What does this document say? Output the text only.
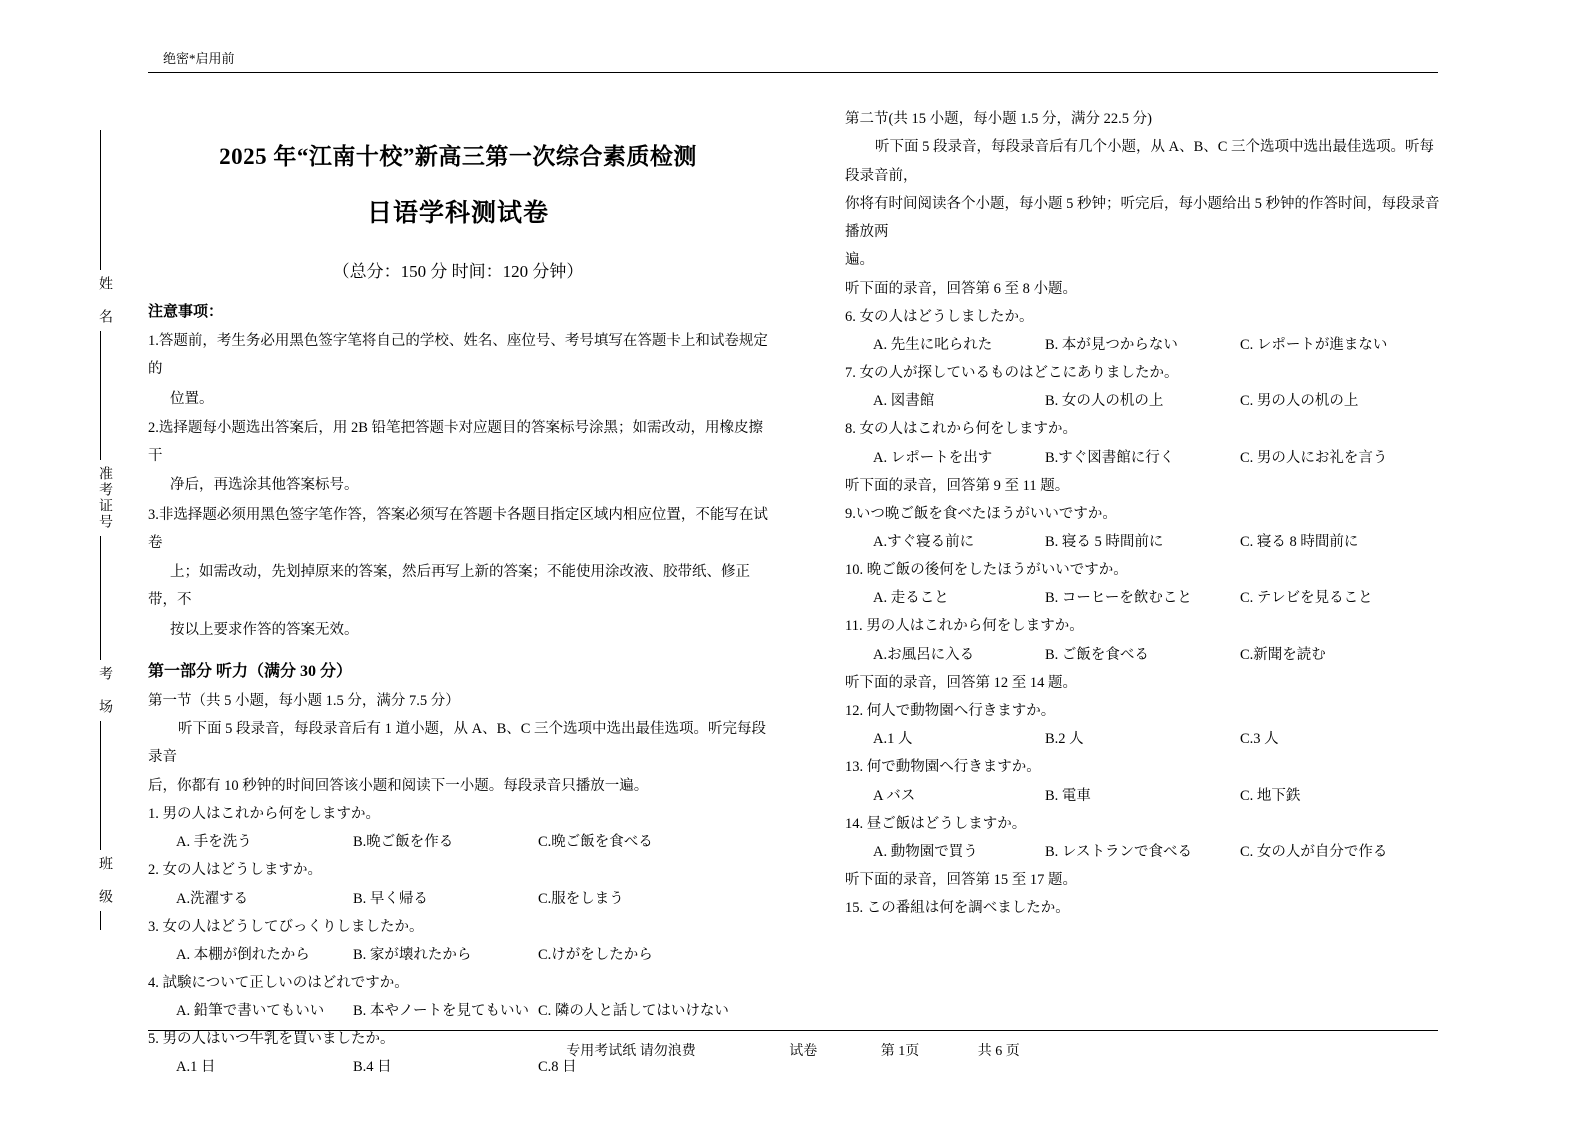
绝密*启用前
姓 名
准考证号
考 场
班 级
2025 年“江南十校”新高三第一次综合素质检测
日语学科测试卷
（总分：150 分 时间：120 分钟）
注意事项：
1.答题前，考生务必用黑色签字笔将自己的学校、姓名、座位号、考号填写在答题卡上和试卷规定的
位置。
2.选择题每小题选出答案后，用 2B 铅笔把答题卡对应题目的答案标号涂黑；如需改动，用橡皮擦干
净后，再选涂其他答案标号。
3.非选择题必须用黑色签字笔作答，答案必须写在答题卡各题目指定区域内相应位置，不能写在试卷
上；如需改动，先划掉原来的答案，然后再写上新的答案；不能使用涂改液、胶带纸、修正带，不
按以上要求作答的答案无效。
第一部分 听力（满分 30 分）
第一节（共 5 小题，每小题 1.5 分，满分 7.5 分）
听下面 5 段录音，每段录音后有 1 道小题，从 A、B、C 三个选项中选出最佳选项。听完每段录音
后，你都有 10 秒钟的时间回答该小题和阅读下一小题。每段录音只播放一遍。
1. 男の人はこれから何をしますか。
A. 手を洗う	B.晩ご飯を作る	C.晩ご飯を食べる
2. 女の人はどうしますか。
A.洗濯する	B. 早く帰る	C.服をしまう
3. 女の人はどうしてびっくりしましたか。
A. 本棚が倒れたから	B. 家が壊れたから	C.けがをしたから
4. 試験について正しいのはどれですか。
A. 鉛筆で書いてもいい B. 本やノートを見てもいい C. 隣の人と話してはいけない
5. 男の人はいつ牛乳を買いましたか。
A.1 日	B.4 日	C.8 日
第二节(共 15 小题，每小题 1.5 分，满分 22.5 分)
听下面 5 段录音，每段录音后有几个小题，从 A、B、C 三个选项中选出最佳选项。听每段录音前，
你将有时间阅读各个小题，每小题 5 秒钟；听完后，每小题给出 5 秒钟的作答时间，每段录音播放两
遍。
听下面的录音，回答第 6 至 8 小题。
6. 女の人はどうしましたか。
A. 先生に叱られた	B. 本が見つからない	C. レポートが進まない
7. 女の人が探しているものはどこにありましたか。
A. 図書館	B. 女の人の机の上	C. 男の人の机の上
8. 女の人はこれから何をしますか。
A. レポートを出す	B.すぐ図書館に行く	C. 男の人にお礼を言う
听下面的录音，回答第 9 至 11 题。
9.いつ晩ご飯を食べたほうがいいですか。
A.すぐ寝る前に	B. 寝る 5 時間前に	C. 寝る 8 時間前に
10. 晩ご飯の後何をしたほうがいいですか。
A. 走ること	B. コーヒーを飲むこと	C. テレビを見ること
11. 男の人はこれから何をしますか。
A.お風呂に入る	B. ご飯を食べる	C.新聞を読む
听下面的录音，回答第 12 至 14 题。
12. 何人で動物園へ行きますか。
A.1 人	B.2 人	C.3 人
13. 何で動物園へ行きますか。
A バス	B. 電車	C. 地下鉄
14. 昼ご飯はどうしますか。
A. 動物園で買う	B. レストランで食べる	C. 女の人が自分で作る
听下面的录音，回答第 15 至 17 题。
15. この番組は何を調べましたか。
专用考试纸 请勿浪费	试卷	第 1页	共 6 页
